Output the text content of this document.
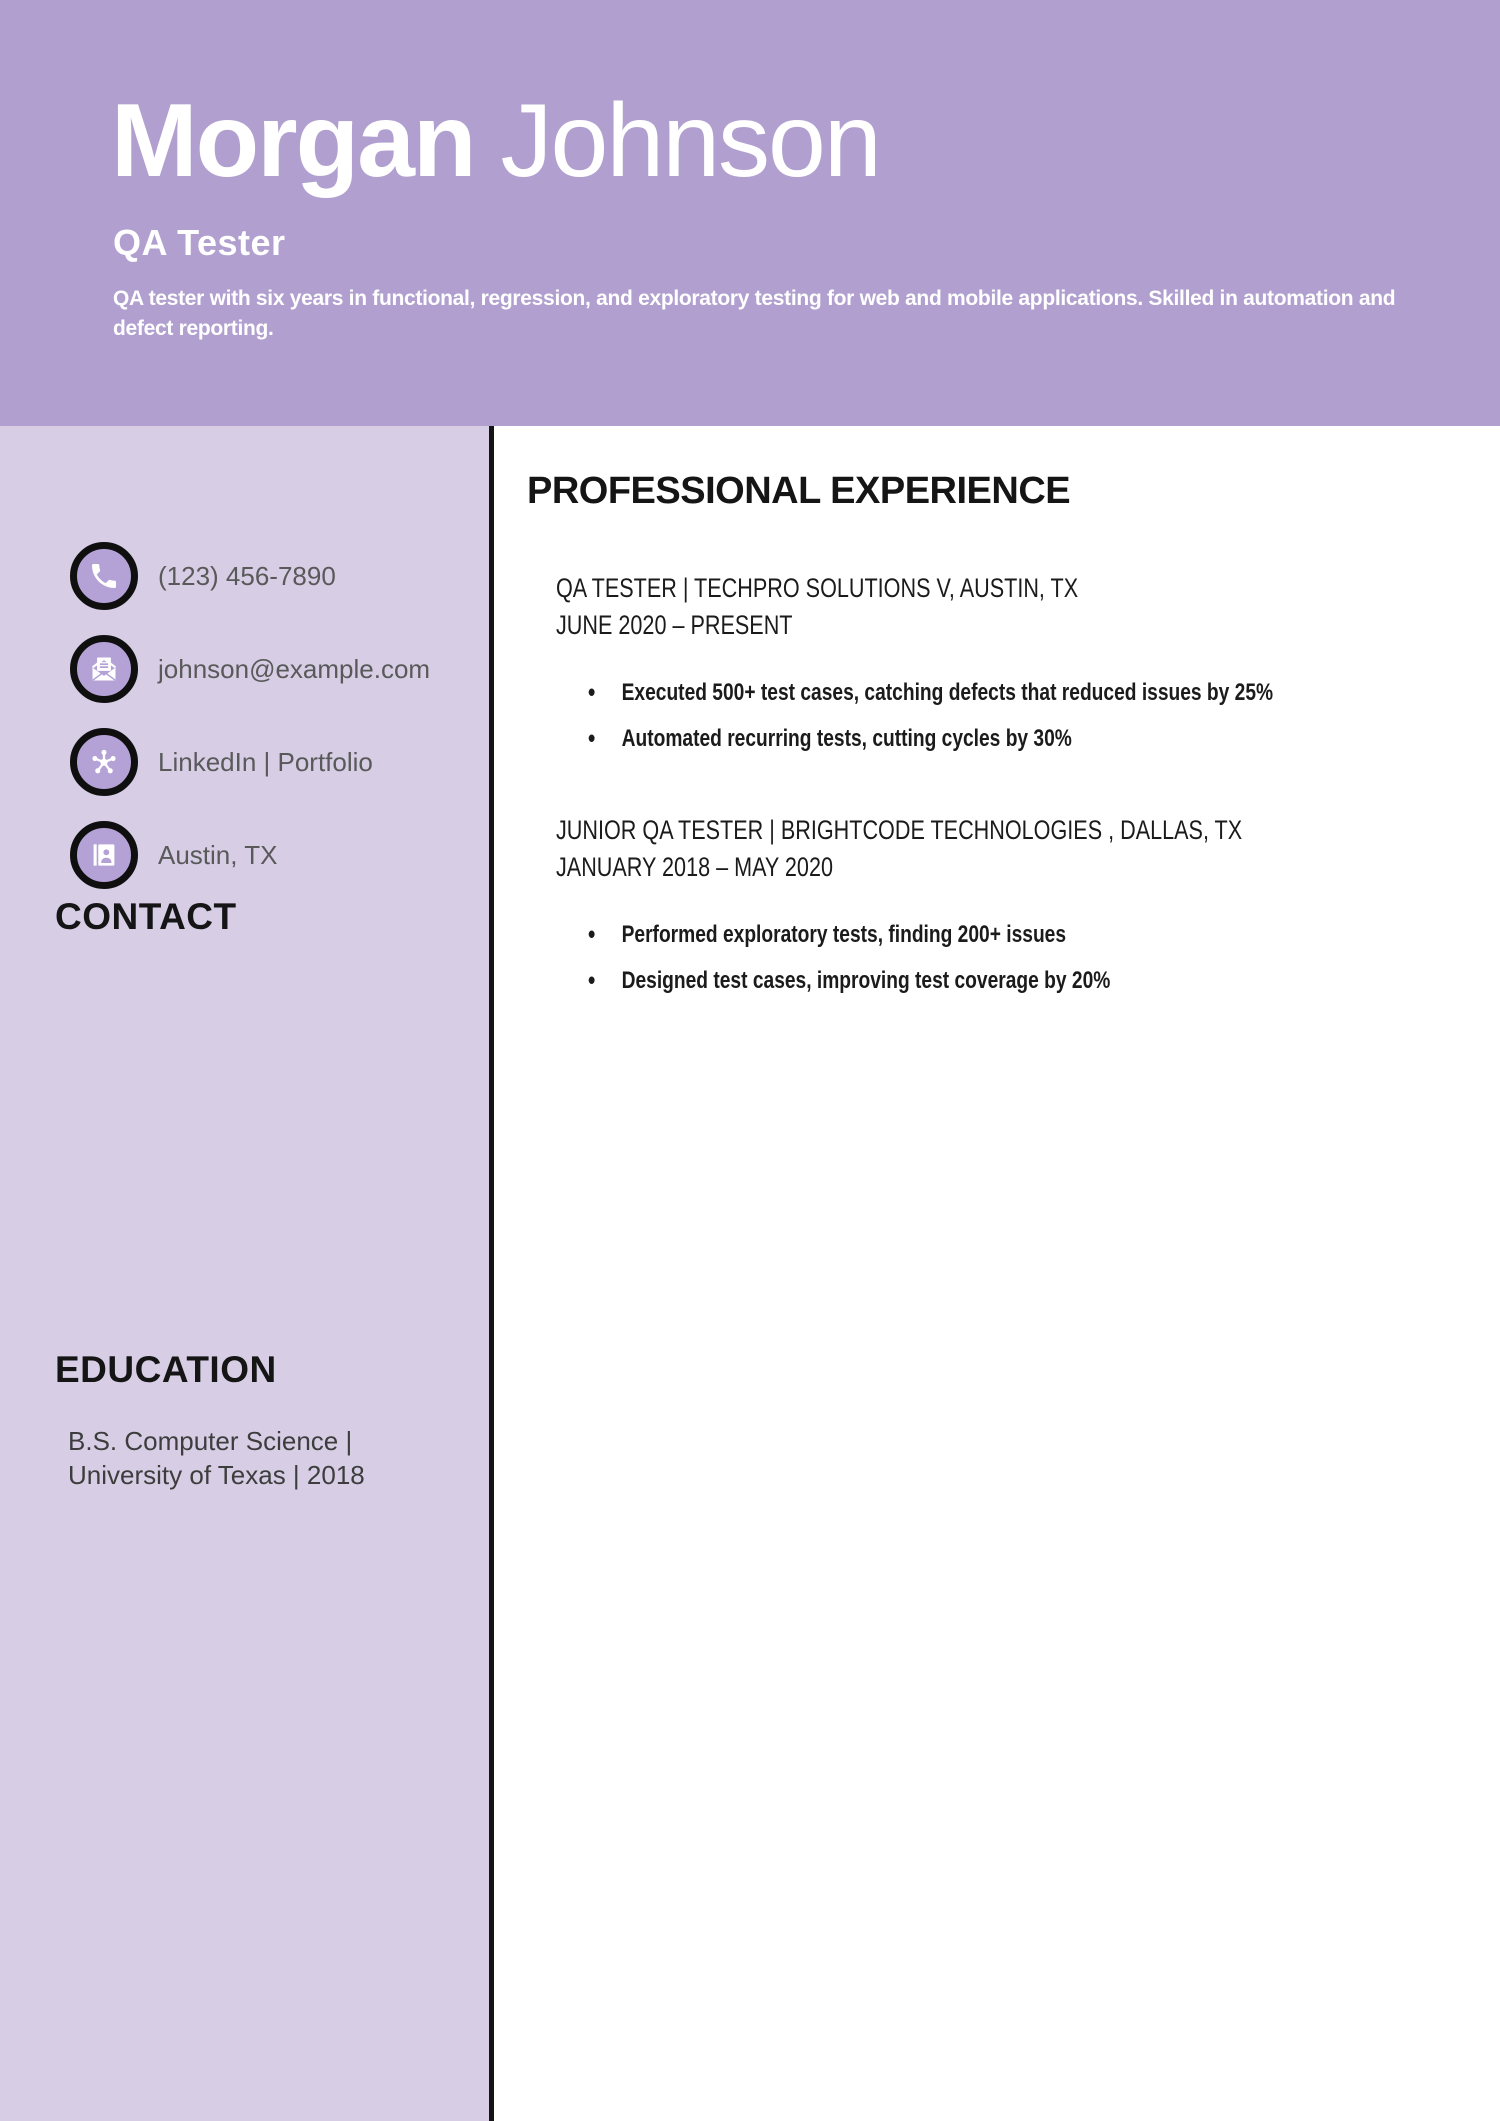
Morgan Johnson
QA Tester

QA tester with six years in functional, regression, and exploratory testing for web and mobile applications. Skilled in automation and defect reporting.

CONTACT
(123) 456-7890
johnson@example.com
LinkedIn | Portfolio
Austin, TX
EDUCATION
B.S. Computer Science |
University of Texas | 2018
PROFESSIONAL EXPERIENCE
QA TESTER | TECHPRO SOLUTIONS V, AUSTIN, TX
JUNE 2020 – PRESENT
• Executed 500+ test cases, catching defects that reduced issues by 25%
• Automated recurring tests, cutting cycles by 30%
JUNIOR QA TESTER | BRIGHTCODE TECHNOLOGIES , DALLAS, TX
JANUARY 2018 – MAY 2020
• Performed exploratory tests, finding 200+ issues
• Designed test cases, improving test coverage by 20%
